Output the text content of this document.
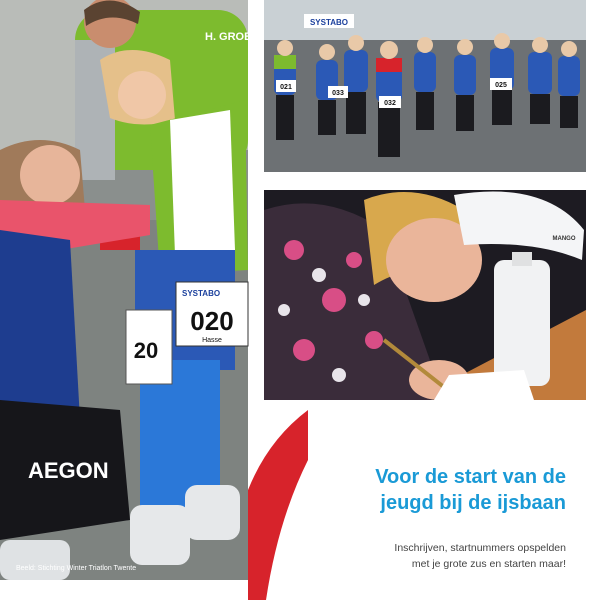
H. GROEN
SYSTABO
020
Hasse
AEGON
20
Beeld: Stichting Winter Triatlon Twente
SYSTABO
021
033
032
025
MANGO
Voor de start van de
jeugd bij de ijsbaan

Inschrijven, startnummers opspelden
met je grote zus en starten maar!
